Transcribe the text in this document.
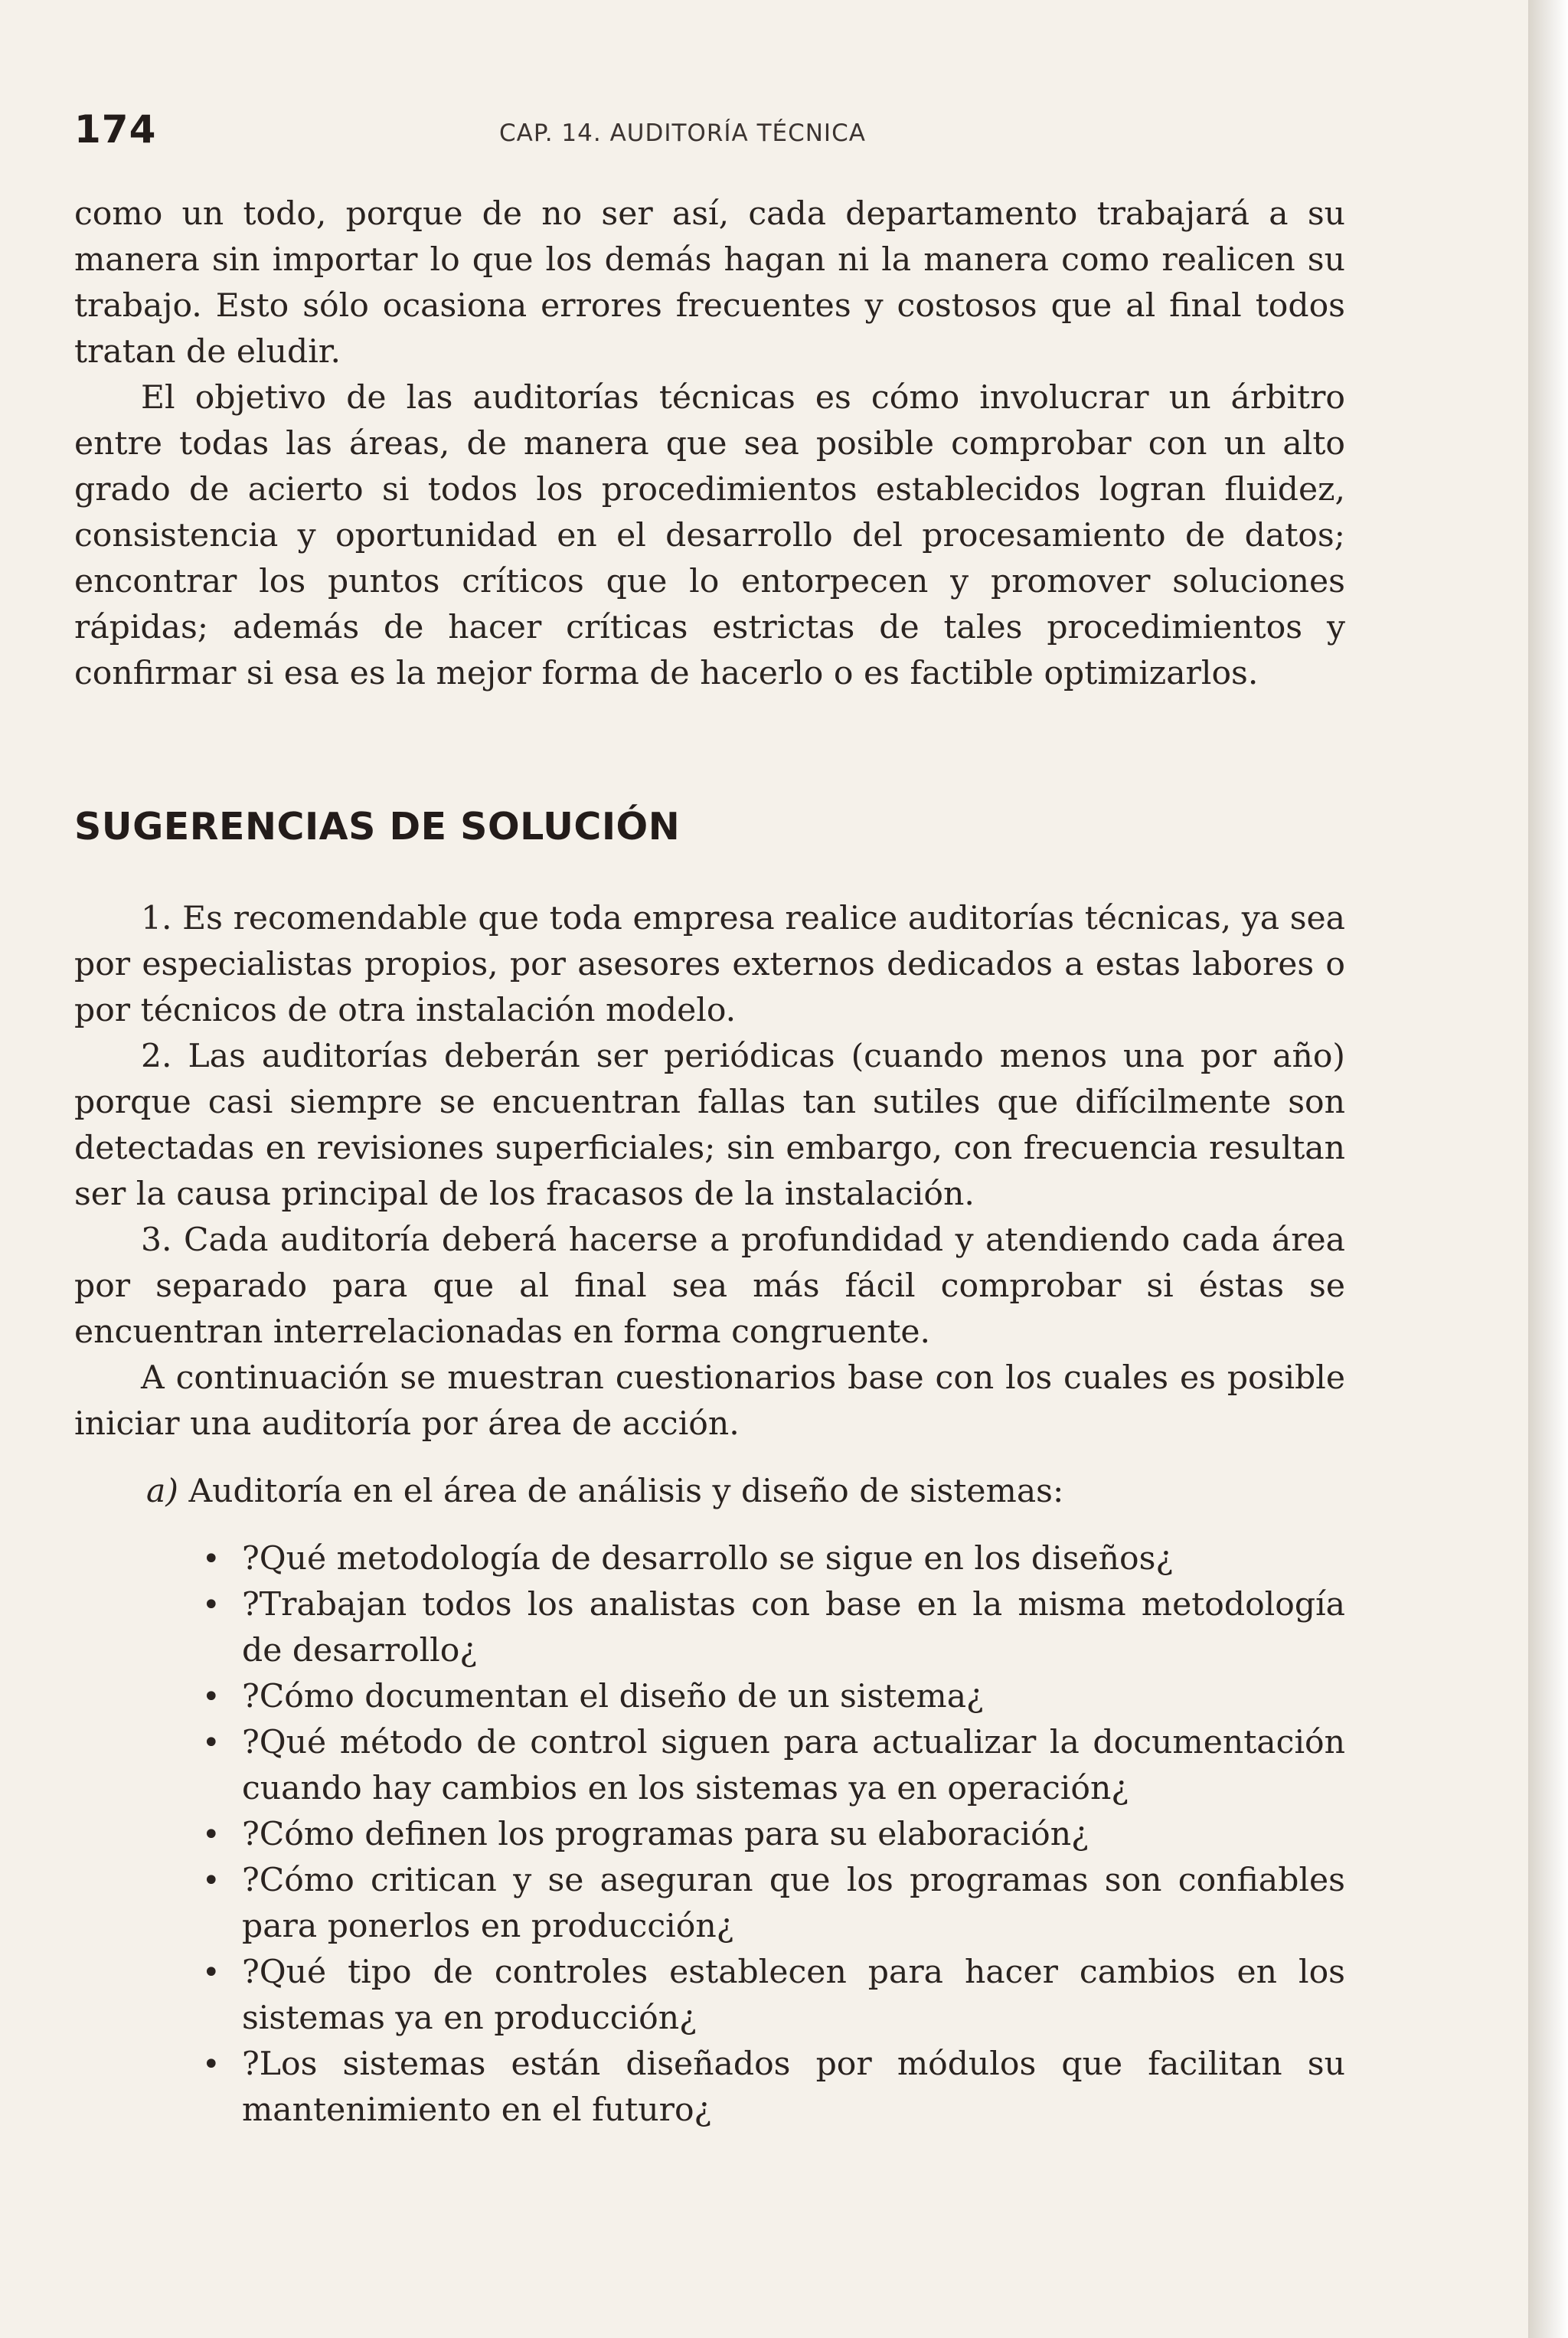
174	CAP. 14. AUDITORÍA TÉCNICA

como un todo, porque de no ser así, cada departamento trabajará a su manera sin importar lo que los demás hagan ni la manera como realicen su trabajo. Esto sólo ocasiona errores frecuentes y costosos que al final todos tratan de eludir.

El objetivo de las auditorías técnicas es cómo involucrar un árbitro entre todas las áreas, de manera que sea posible comprobar con un alto grado de acierto si todos los procedimientos establecidos logran fluidez, consistencia y oportunidad en el desarrollo del procesamiento de datos; encontrar los puntos críticos que lo entorpecen y promover soluciones rápidas; además de hacer críticas estrictas de tales procedimientos y confirmar si esa es la mejor forma de hacerlo o es factible optimizarlos.

SUGERENCIAS DE SOLUCIÓN

1. Es recomendable que toda empresa realice auditorías técnicas, ya sea por especialistas propios, por asesores externos dedicados a estas labores o por técnicos de otra instalación modelo.

2. Las auditorías deberán ser periódicas (cuando menos una por año) porque casi siempre se encuentran fallas tan sutiles que difícilmente son detectadas en revisiones superficiales; sin embargo, con frecuencia resultan ser la causa principal de los fracasos de la instalación.

3. Cada auditoría deberá hacerse a profundidad y atendiendo cada área por separado para que al final sea más fácil comprobar si éstas se encuentran interrelacionadas en forma congruente.

A continuación se muestran cuestionarios base con los cuales es posible iniciar una auditoría por área de acción.

a) Auditoría en el área de análisis y diseño de sistemas:

• ?Qué metodología de desarrollo se sigue en los diseños¿
• ?Trabajan todos los analistas con base en la misma metodología de desarrollo¿
• ?Cómo documentan el diseño de un sistema¿
• ?Qué método de control siguen para actualizar la documentación cuando hay cambios en los sistemas ya en operación¿
• ?Cómo definen los programas para su elaboración¿
• ?Cómo critican y se aseguran que los programas son confiables para ponerlos en producción¿
• ?Qué tipo de controles establecen para hacer cambios en los sistemas ya en producción¿
• ?Los sistemas están diseñados por módulos que facilitan su mantenimiento en el futuro¿
